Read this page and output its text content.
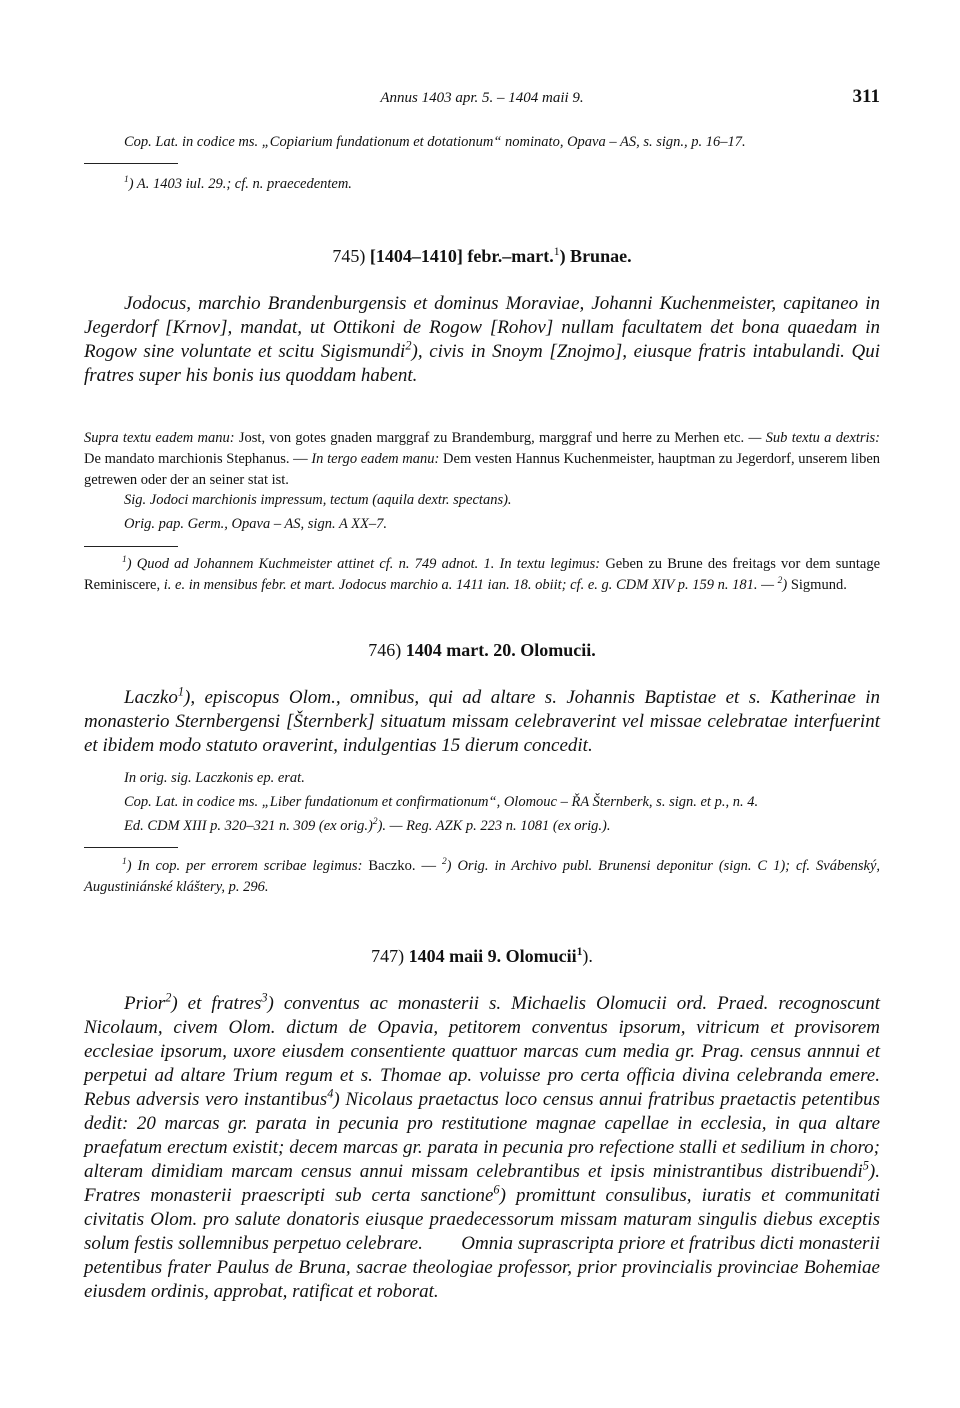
Annus 1403 apr. 5. – 1404 maii 9.	311

Cop. Lat. in codice ms. „Copiarium fundationum et dotationum“ nominato, Opava – AS, s. sign., p. 16–17.

$^1$) A. 1403 iul. 29.; cf. n. praecedentem.

745) [1404–1410] febr.–mart.$^1$) Brunae.

Jodocus, marchio Brandenburgensis et dominus Moraviae, Johanni Kuchenmeister, capitaneo in Jegerdorf [Krnov], mandat, ut Ottikoni de Rogow [Rohov] nullam facultatem det bona quaedam in Rogow sine voluntate et scitu Sigismundi$^2$), civis in Snoym [Znojmo], eiusque fratris intabulandi. Qui fratres super his bonis ius quoddam habent.

Supra textu eadem manu: Jost, von gotes gnaden marggraf zu Brandemburg, marggraf und herre zu Merhen etc. — Sub textu a dextris: De mandato marchionis Stephanus. — In tergo eadem manu: Dem vesten Hannus Kuchenmeister, hauptman zu Jegerdorf, unserem liben getrewen oder der an seiner stat ist.

Sig. Jodoci marchionis impressum, tectum (aquila dextr. spectans).

Orig. pap. Germ., Opava – AS, sign. A XX–7.

$^1$) Quod ad Johannem Kuchmeister attinet cf. n. 749 adnot. 1. In textu legimus: Geben zu Brune des freitags vor dem suntage Reminiscere, i. e. in mensibus febr. et mart. Jodocus marchio a. 1411 ian. 18. obiit; cf. e. g. CDM XIV p. 159 n. 181. — $^2$) Sigmund.

746) 1404 mart. 20. Olomucii.

Laczko$^1$), episcopus Olom., omnibus, qui ad altare s. Johannis Baptistae et s. Katherinae in monasterio Sternbergensi [Šternberk] situatum missam celebraverint vel missae celebratae interfuerint et ibidem modo statuto oraverint, indulgentias 15 dierum concedit.

In orig. sig. Laczkonis ep. erat.

Cop. Lat. in codice ms. „Liber fundationum et confirmationum“, Olomouc – ŘA Šternberk, s. sign. et p., n. 4.

Ed. CDM XIII p. 320–321 n. 309 (ex orig.)$^2$). — Reg. AZK p. 223 n. 1081 (ex orig.).

$^1$) In cop. per errorem scribae legimus: Baczko. — $^2$) Orig. in Archivo publ. Brunensi deponitur (sign. C 1); cf. Svábenský, Augustiniánské kláštery, p. 296.

747) 1404 maii 9. Olomucii$^1$).

Prior$^2$) et fratres$^3$) conventus ac monasterii s. Michaelis Olomucii ord. Praed. recognoscunt Nicolaum, civem Olom. dictum de Opavia, petitorem conventus ipsorum, vitricum et provisorem ecclesiae ipsorum, uxore eiusdem consentiente quattuor marcas cum media gr. Prag. census annnui et perpetui ad altare Trium regum et s. Thomae ap. voluisse pro certa officia divina celebranda emere. Rebus adversis vero instantibus$^4$) Nicolaus praetactus loco census annui fratribus praetactis petentibus dedit: 20 marcas gr. parata in pecunia pro restitutione magnae capellae in ecclesia, in qua altare praefatum erectum existit; decem marcas gr. parata in pecunia pro refectione stalli et sedilium in choro; alteram dimidiam marcam census annui missam celebrantibus et ipsis ministrantibus distribuendi$^5$). Fratres monasterii praescripti sub certa sanctione$^6$) promittunt consulibus, iuratis et communitati civitatis Olom. pro salute donatoris eiusque praedecessorum missam maturam singulis diebus exceptis solum festis sollemnibus perpetuo celebrare. Omnia suprascripta priore et fratribus dicti monasterii petentibus frater Paulus de Bruna, sacrae theologiae professor, prior provincialis provinciae Bohemiae eiusdem ordinis, approbat, ratificat et roborat.
